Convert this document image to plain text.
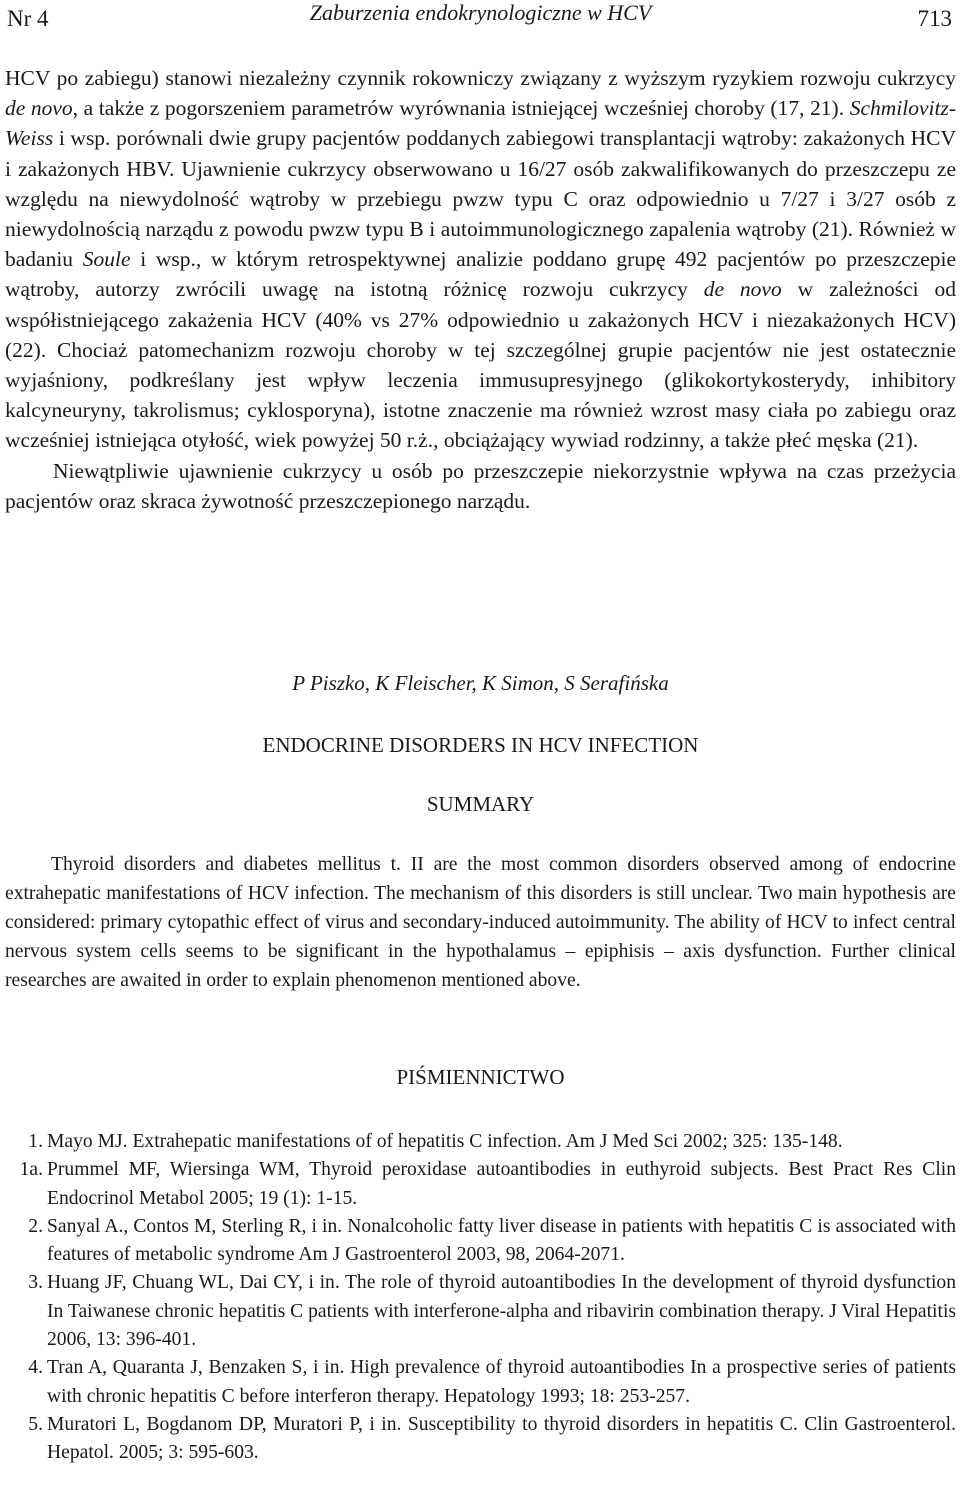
Nr 4	Zaburzenia endokrynologiczne w HCV	713

HCV po zabiegu) stanowi niezależny czynnik rokowniczy związany z wyższym ryzykiem rozwoju cukrzycy de novo, a także z pogorszeniem parametrów wyrównania istniejącej wcześniej choroby (17, 21). Schmilovitz-Weiss i wsp. porównali dwie grupy pacjentów poddanych zabiegowi transplantacji wątroby: zakażonych HCV i zakażonych HBV. Ujawnienie cukrzycy obserwowano u 16/27 osób zakwalifikowanych do przeszczepu ze względu na niewydolność wątroby w przebiegu pwzw typu C oraz odpowiednio u 7/27 i 3/27 osób z niewydolnością narządu z powodu pwzw typu B i autoimmunologicznego zapalenia wątroby (21). Również w badaniu Soule i wsp., w którym retrospektywnej analizie poddano grupę 492 pacjentów po przeszczepie wątroby, autorzy zwrócili uwagę na istotną różnicę rozwoju cukrzycy de novo w zależności od współistniejącego zakażenia HCV (40% vs 27% odpowiednio u zakażonych HCV i niezakażonych HCV) (22). Chociaż patomechanizm rozwoju choroby w tej szczególnej grupie pacjentów nie jest ostatecznie wyjaśniony, podkreślany jest wpływ leczenia immusupresyjnego (glikokortykosterydy, inhibitory kalcyneuryny, takrolismus; cyklosporyna), istotne znaczenie ma również wzrost masy ciała po zabiegu oraz wcześniej istniejąca otyłość, wiek powyżej 50 r.ż., obciążający wywiad rodzinny, a także płeć męska (21).

Niewątpliwie ujawnienie cukrzycy u osób po przeszczepie niekorzystnie wpływa na czas przeżycia pacjentów oraz skraca żywotność przeszczepionego narządu.

P Piszko, K Fleischer, K Simon, S Serafińska
ENDOCRINE DISORDERS IN HCV INFECTION
SUMMARY
Thyroid disorders and diabetes mellitus t. II are the most common disorders observed among of endocrine extrahepatic manifestations of HCV infection. The mechanism of this disorders is still unclear. Two main hypothesis are considered: primary cytopathic effect of virus and secondary-induced autoimmunity. The ability of HCV to infect central nervous system cells seems to be significant in the hypothalamus – epiphisis – axis dysfunction. Further clinical researches are awaited in order to explain phenomenon mentioned above.
PIŚMIENNICTWO
1. Mayo MJ. Extrahepatic manifestations of of hepatitis C infection. Am J Med Sci 2002; 325: 135-148.
1a. Prummel MF, Wiersinga WM, Thyroid peroxidase autoantibodies in euthyroid subjects. Best Pract Res Clin Endocrinol Metabol 2005; 19 (1): 1-15.
2. Sanyal A., Contos M, Sterling R, i in. Nonalcoholic fatty liver disease in patients with hepatitis C is associated with features of metabolic syndrome Am J Gastroenterol 2003, 98, 2064-2071.
3. Huang JF, Chuang WL, Dai CY, i in. The role of thyroid autoantibodies In the development of thyroid dysfunction In Taiwanese chronic hepatitis C patients with interferone-alpha and ribavirin combination therapy. J Viral Hepatitis 2006, 13: 396-401.
4. Tran A, Quaranta J, Benzaken S, i in. High prevalence of thyroid autoantibodies In a prospective series of patients with chronic hepatitis C before interferon therapy. Hepatology 1993; 18: 253-257.
5. Muratori L, Bogdanom DP, Muratori P, i in. Susceptibility to thyroid disorders in hepatitis C. Clin Gastroenterol. Hepatol. 2005; 3: 595-603.
